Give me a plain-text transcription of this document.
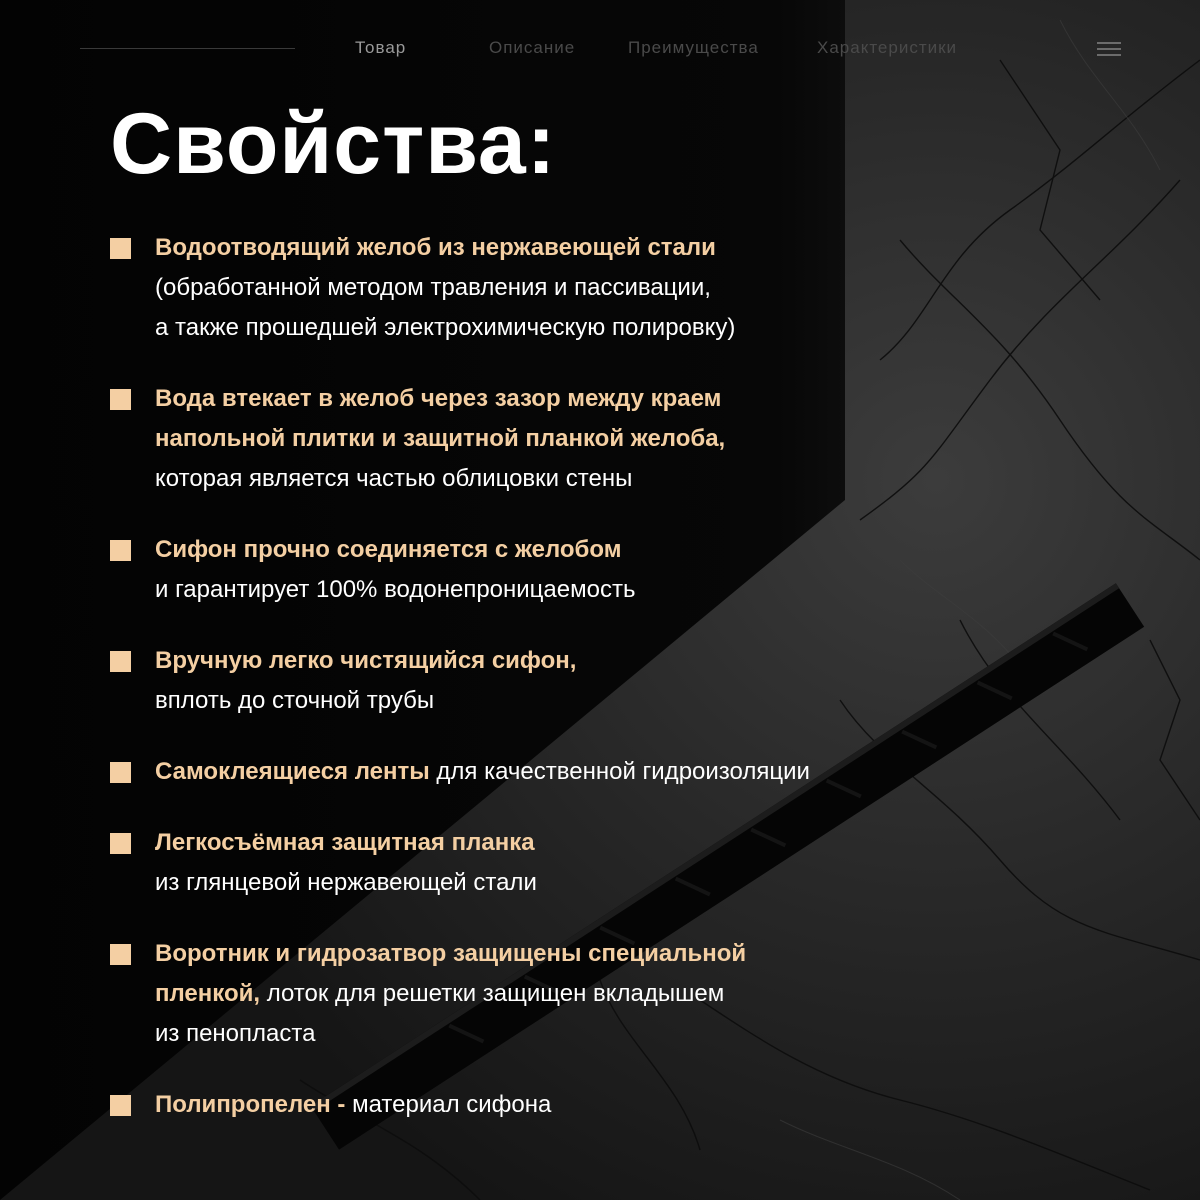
Товар	Описание	Преимущества	Характеристики
Свойства:
Водоотводящий желоб из нержавеющей стали
(обработанной методом травления и пассивации,
а также прошедшей электрохимическую полировку)
Вода втекает в желоб через зазор между краем
напольной плитки и защитной планкой желоба,
которая является частью облицовки стены
Сифон прочно соединяется с желобом
и гарантирует 100% водонепроницаемость
Вручную легко чистящийся сифон,
вплоть до сточной трубы
Самоклеящиеся ленты для качественной гидроизоляции
Легкосъёмная защитная планка
из глянцевой нержавеющей стали
Воротник и гидрозатвор защищены специальной
пленкой, лоток для решетки защищен вкладышем
из пенопласта
Полипропелен - материал сифона
